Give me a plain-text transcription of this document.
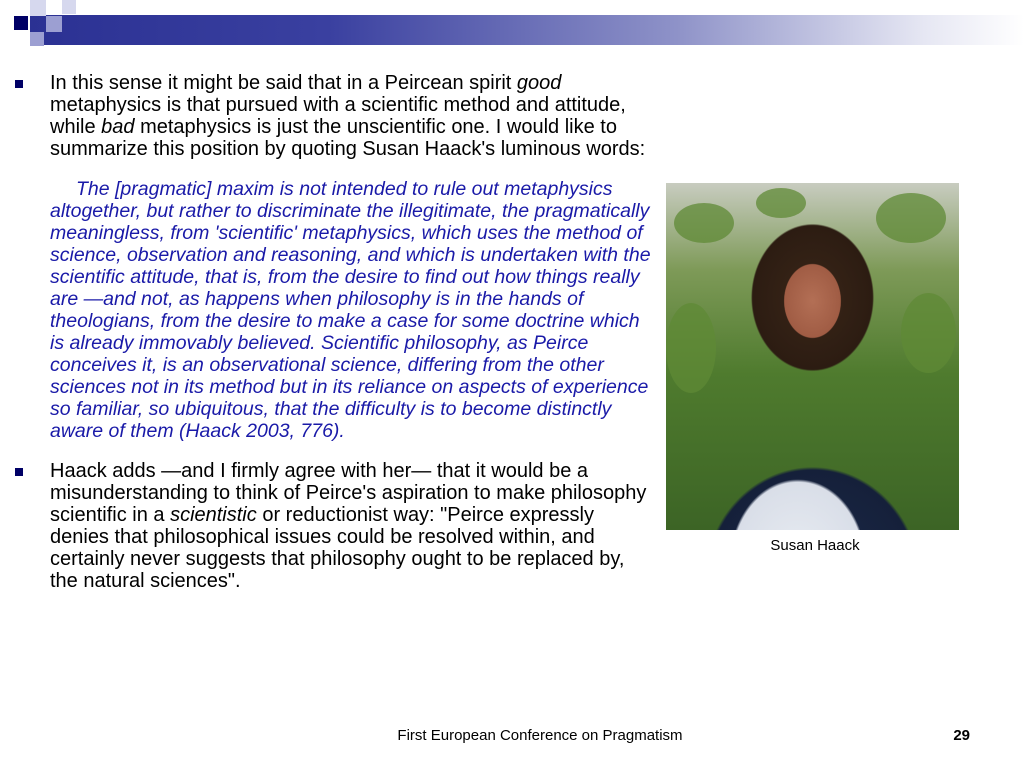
In this sense it might be said that in a Peircean spirit good metaphysics is that pursued with a scientific method and attitude, while bad metaphysics is just the unscientific one. I would like to summarize this position by quoting Susan Haack's luminous words:
The [pragmatic] maxim is not intended to rule out metaphysics altogether, but rather to discriminate the illegitimate, the pragmatically meaningless, from 'scientific' metaphysics, which uses the method of science, observation and reasoning, and which is undertaken with the scientific attitude, that is, from the desire to find out how things really are —and not, as happens when philosophy is in the hands of theologians, from the desire to make a case for some doctrine which is already immovably believed. Scientific philosophy, as Peirce conceives it, is an observational science, differing from the other sciences not in its method but in its reliance on aspects of experience so familiar, so ubiquitous, that the difficulty is to become distinctly aware of them (Haack 2003, 776).
Haack adds —and I firmly agree with her— that it would be a misunderstanding to think of Peirce's aspiration to make philosophy scientific in a scientistic or reductionist way: "Peirce expressly denies that philosophical issues could be resolved within, and certainly never suggests that philosophy ought to be replaced by, the natural sciences".
Susan Haack
First European Conference on Pragmatism	29
